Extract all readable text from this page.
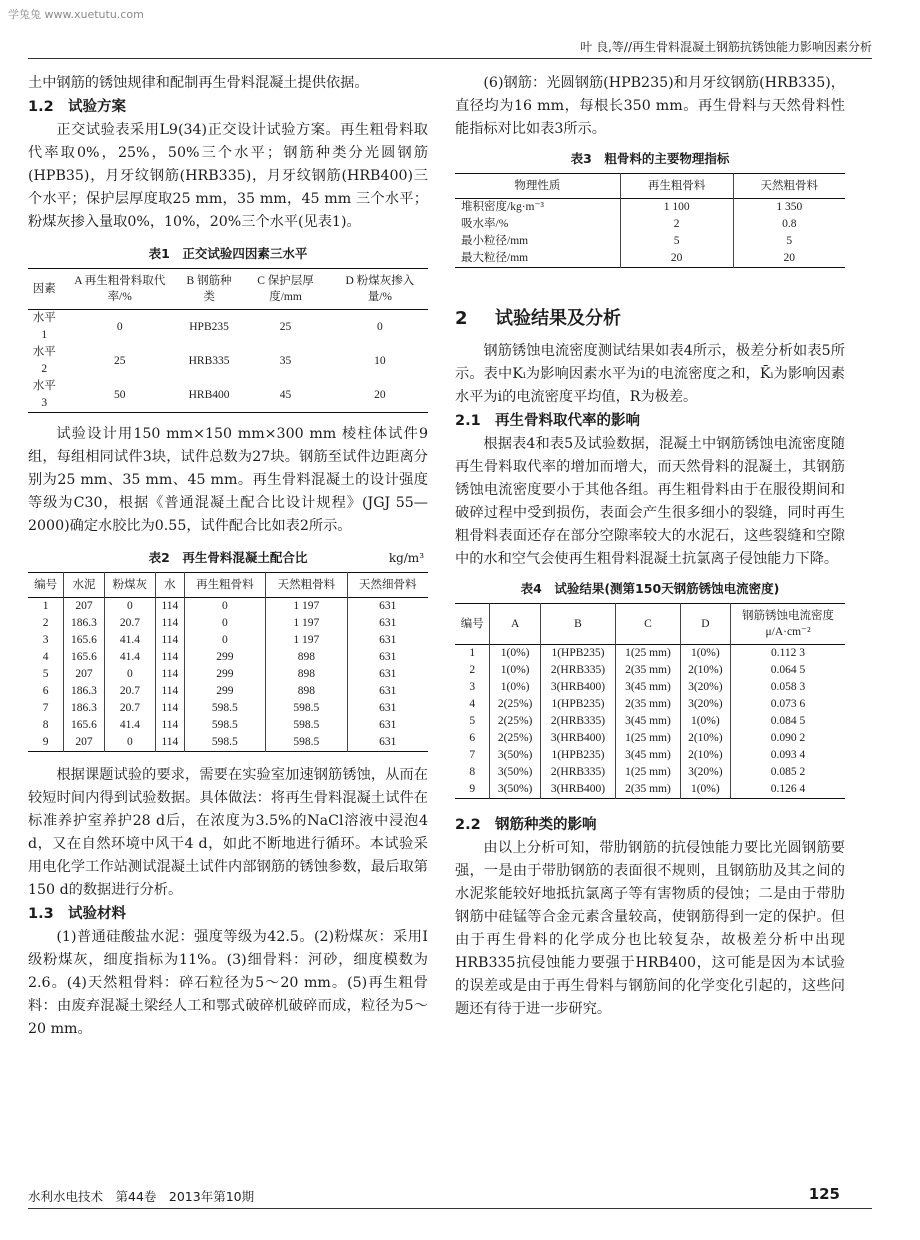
学兔兔 www.xuetutu.com
叶 良,等//再生骨料混凝土钢筋抗锈蚀能力影响因素分析

土中钢筋的锈蚀规律和配制再生骨料混凝土提供依据。

1.2 试验方案

正交试验表采用L9(34)正交设计试验方案。再生粗骨料取代率取0%，25%，50%三个水平；钢筋种类分光圆钢筋(HPB35)，月牙纹钢筋(HRB335)，月牙纹钢筋(HRB400)三个水平；保护层厚度取25 mm，35 mm，45 mm 三个水平；粉煤灰掺入量取0%，10%，20%三个水平(见表1)。

表1　正交试验四因素三水平
因素	A 再生粗骨料取代率/%	B 钢筋种类	C 保护层厚度/mm	D 粉煤灰掺入量/%
水平1	0	HPB235	25	0
水平2	25	HRB335	35	10
水平3	50	HRB400	45	20

试验设计用150 mm×150 mm×300 mm 棱柱体试件9组，每组相同试件3块，试件总数为27块。钢筋至试件边距离分别为25 mm、35 mm、45 mm。再生骨料混凝土的设计强度等级为C30，根据《普通混凝土配合比设计规程》(JGJ 55—2000)确定水胶比为0.55，试件配合比如表2所示。

表2　再生骨料混凝土配合比	kg/m³
编号	水泥	粉煤灰	水	再生粗骨料	天然粗骨料	天然细骨料
1	207	0	114	0	1 197	631
2	186.3	20.7	114	0	1 197	631
3	165.6	41.4	114	0	1 197	631
4	165.6	41.4	114	299	898	631
5	207	0	114	299	898	631
6	186.3	20.7	114	299	898	631
7	186.3	20.7	114	598.5	598.5	631
8	165.6	41.4	114	598.5	598.5	631
9	207	0	114	598.5	598.5	631

根据课题试验的要求，需要在实验室加速钢筋锈蚀，从而在较短时间内得到试验数据。具体做法：将再生骨料混凝土试件在标准养护室养护28 d后，在浓度为3.5%的NaCl溶液中浸泡4 d，又在自然环境中风干4 d，如此不断地进行循环。本试验采用电化学工作站测试混凝土试件内部钢筋的锈蚀参数，最后取第150 d的数据进行分析。

1.3 试验材料

(1)普通硅酸盐水泥：强度等级为42.5。(2)粉煤灰：采用Ⅰ级粉煤灰，细度指标为11%。(3)细骨料：河砂，细度模数为2.6。(4)天然粗骨料：碎石粒径为5～20 mm。(5)再生粗骨料：由废弃混凝土梁经人工和鄂式破碎机破碎而成，粒径为5～20 mm。

(6)钢筋：光圆钢筋(HPB235)和月牙纹钢筋(HRB335)，直径均为16 mm，每根长350 mm。再生骨料与天然骨料性能指标对比如表3所示。

表3　粗骨料的主要物理指标
物理性质	再生粗骨料	天然粗骨料
堆积密度/kg·m⁻³	1 100	1 350
吸水率/%	2	0.8
最小粒径/mm	5	5
最大粒径/mm	20	20
2 试验结果及分析

钢筋锈蚀电流密度测试结果如表4所示，极差分析如表5所示。表中Kᵢ为影响因素水平为i的电流密度之和，K̄ᵢ为影响因素水平为i的电流密度平均值，R为极差。

2.1 再生骨料取代率的影响

根据表4和表5及试验数据，混凝土中钢筋锈蚀电流密度随再生骨料取代率的增加而增大，而天然骨料的混凝土，其钢筋锈蚀电流密度要小于其他各组。再生粗骨料由于在服役期间和破碎过程中受到损伤，表面会产生很多细小的裂缝，同时再生粗骨料表面还存在部分空隙率较大的水泥石，这些裂缝和空隙中的水和空气会使再生粗骨料混凝土抗氯离子侵蚀能力下降。

表4　试验结果(测第150天钢筋锈蚀电流密度)
编号	A	B	C	D	钢筋锈蚀电流密度 μ/A·cm⁻²
1	1(0%)	1(HPB235)	1(25 mm)	1(0%)	0.112 3
2	1(0%)	2(HRB335)	2(35 mm)	2(10%)	0.064 5
3	1(0%)	3(HRB400)	3(45 mm)	3(20%)	0.058 3
4	2(25%)	1(HPB235)	2(35 mm)	3(20%)	0.073 6
5	2(25%)	2(HRB335)	3(45 mm)	1(0%)	0.084 5
6	2(25%)	3(HRB400)	1(25 mm)	2(10%)	0.090 2
7	3(50%)	1(HPB235)	3(45 mm)	2(10%)	0.093 4
8	3(50%)	2(HRB335)	1(25 mm)	3(20%)	0.085 2
9	3(50%)	3(HRB400)	2(35 mm)	1(0%)	0.126 4
2.2 钢筋种类的影响

由以上分析可知，带肋钢筋的抗侵蚀能力要比光圆钢筋要强，一是由于带肋钢筋的表面很不规则，且钢筋肋及其之间的水泥浆能较好地抵抗氯离子等有害物质的侵蚀；二是由于带肋钢筋中硅锰等合金元素含量较高，使钢筋得到一定的保护。但由于再生骨料的化学成分也比较复杂，故极差分析中出现HRB335抗侵蚀能力要强于HRB400，这可能是因为本试验的误差或是由于再生骨料与钢筋间的化学变化引起的，这些问题还有待于进一步研究。

水利水电技术　第44卷　2013年第10期	125
